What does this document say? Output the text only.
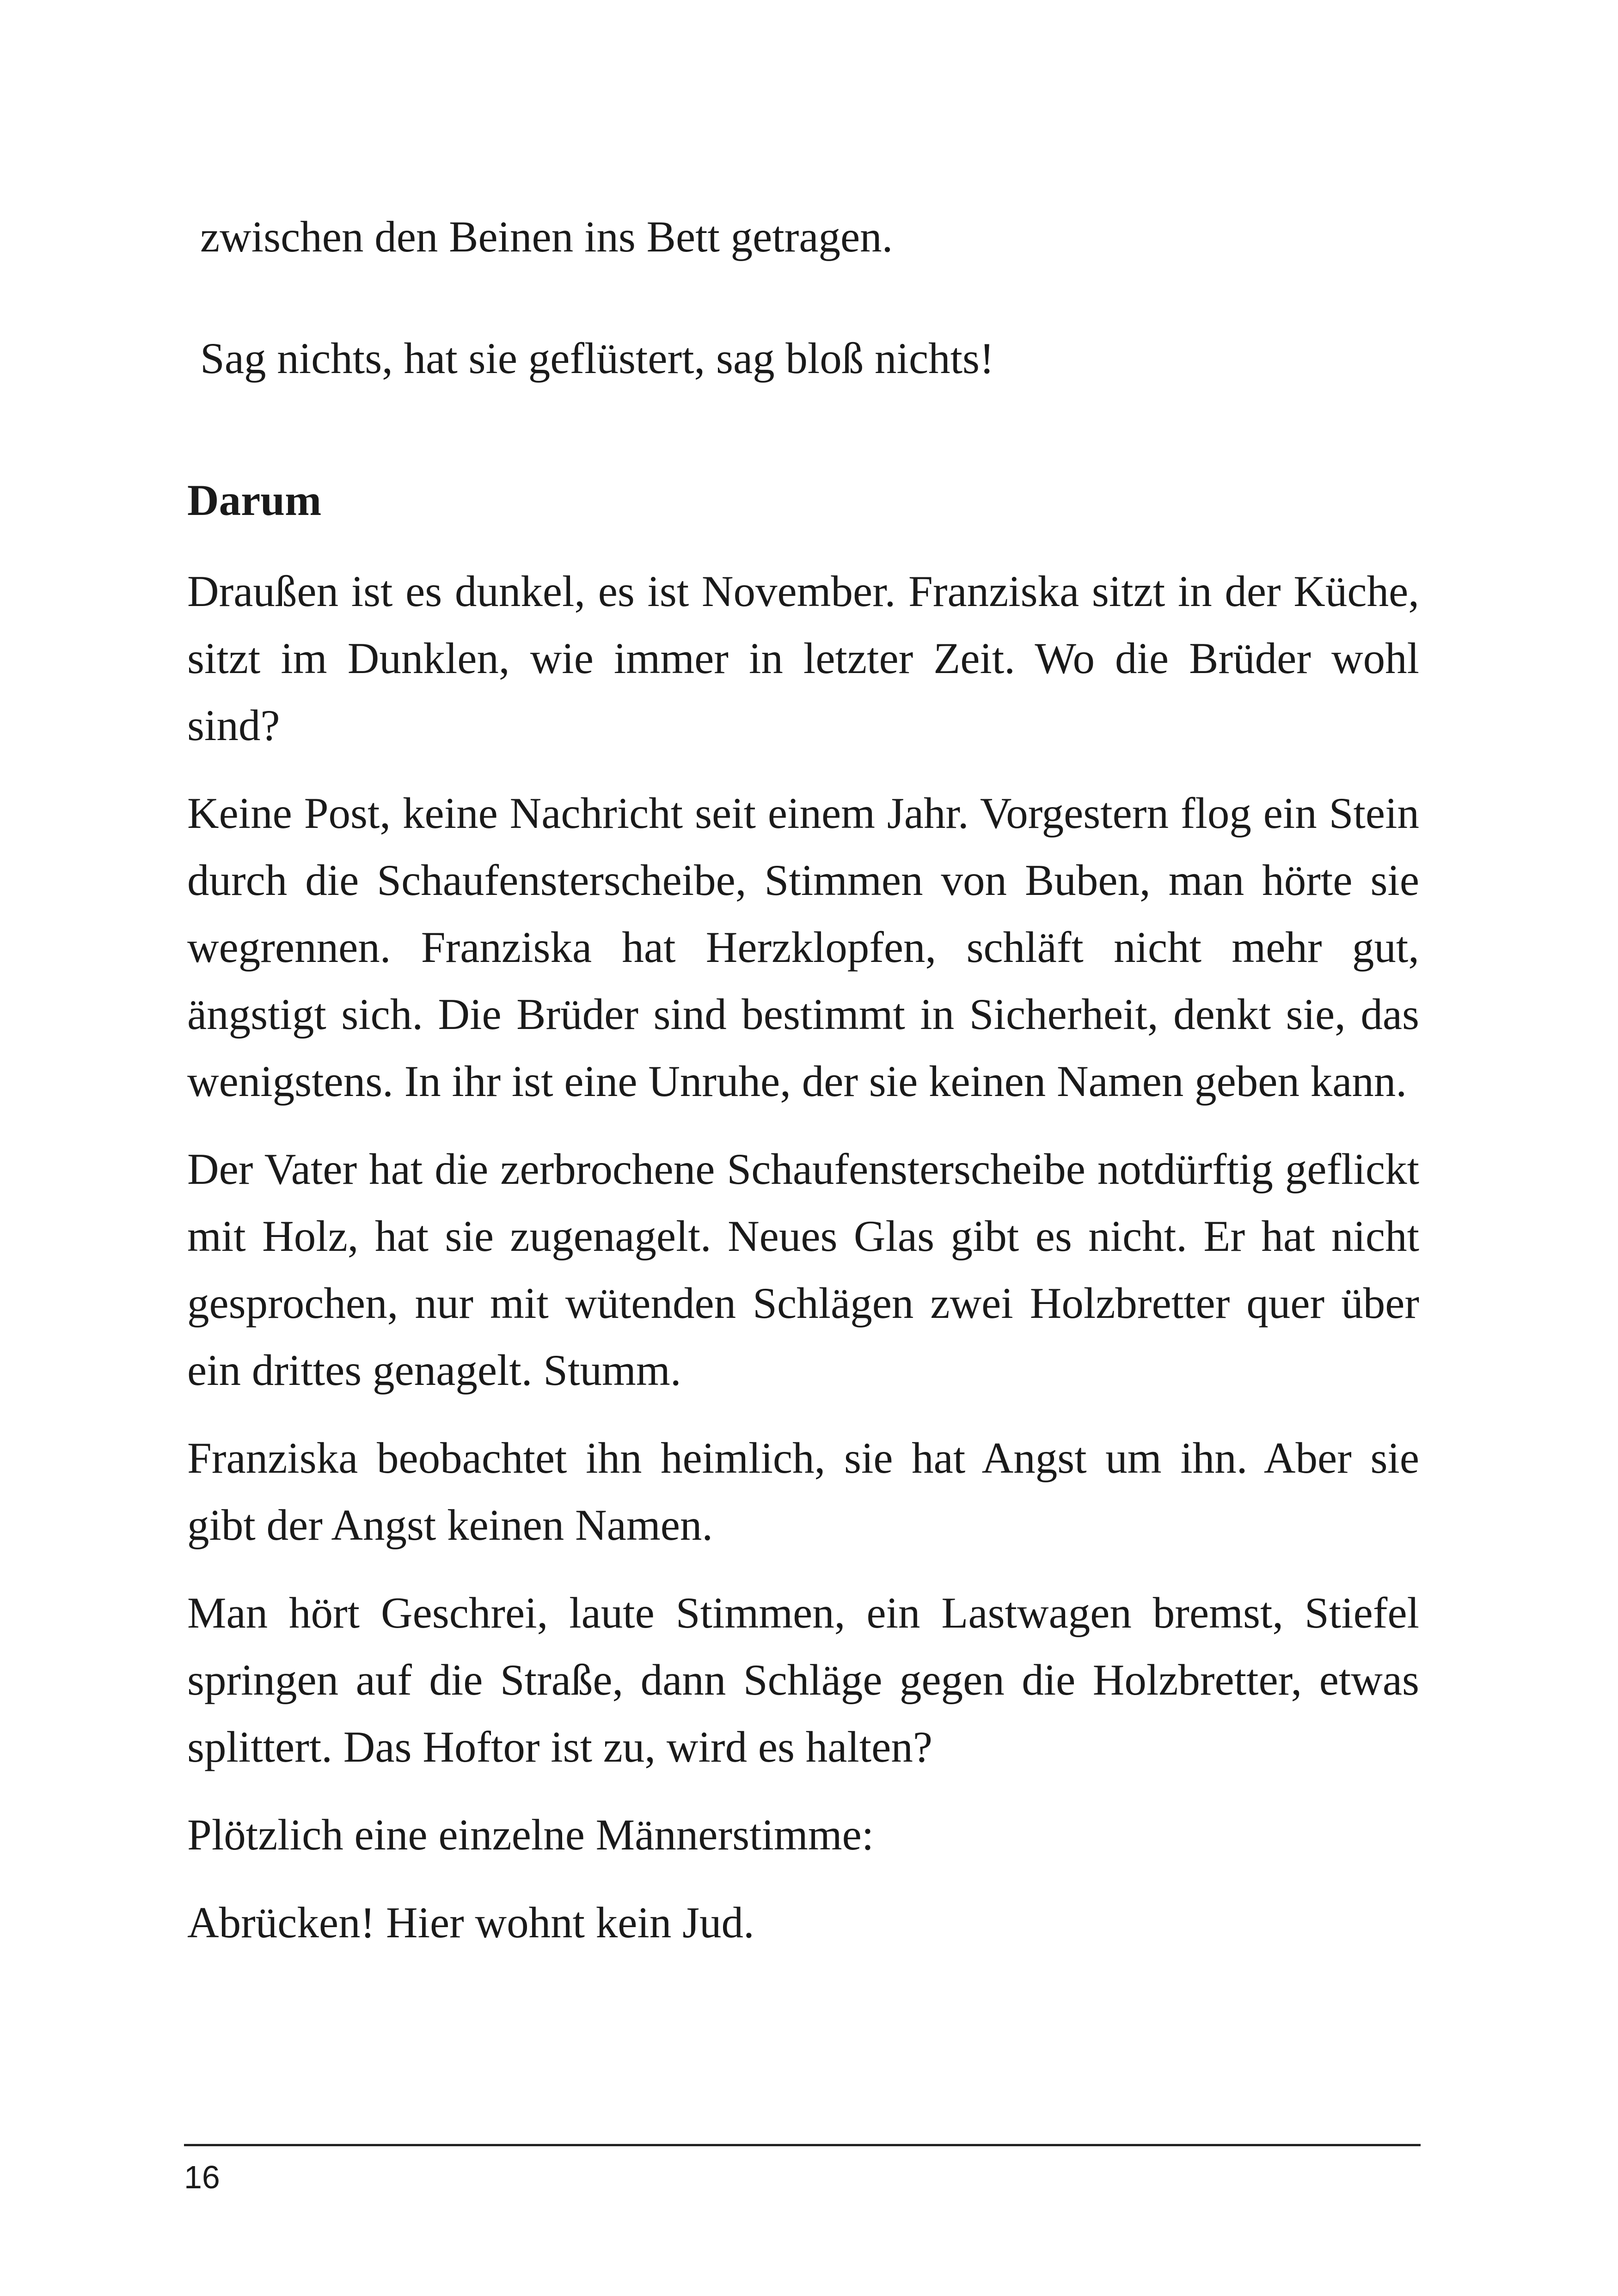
zwischen den Beinen ins Bett getragen.

Sag nichts, hat sie geflüstert, sag bloß nichts!

Darum

Draußen ist es dunkel, es ist November. Franziska sitzt in der Küche, sitzt im Dunklen, wie immer in letzter Zeit. Wo die Brüder wohl sind?

Keine Post, keine Nachricht seit einem Jahr. Vorgestern flog ein Stein durch die Schaufensterscheibe, Stimmen von Buben, man hörte sie wegrennen. Franziska hat Herzklopfen, schläft nicht mehr gut, ängstigt sich. Die Brüder sind bestimmt in Sicherheit, denkt sie, das wenigstens. In ihr ist eine Unruhe, der sie keinen Namen geben kann.

Der Vater hat die zerbrochene Schaufensterscheibe notdürftig geflickt mit Holz, hat sie zugenagelt. Neues Glas gibt es nicht. Er hat nicht gesprochen, nur mit wütenden Schlägen zwei Holzbretter quer über ein drittes genagelt. Stumm.

Franziska beobachtet ihn heimlich, sie hat Angst um ihn. Aber sie gibt der Angst keinen Namen.

Man hört Geschrei, laute Stimmen, ein Lastwagen bremst, Stiefel springen auf die Straße, dann Schläge gegen die Holzbretter, etwas splittert. Das Hoftor ist zu, wird es halten?

Plötzlich eine einzelne Männerstimme:

Abrücken! Hier wohnt kein Jud.

16
